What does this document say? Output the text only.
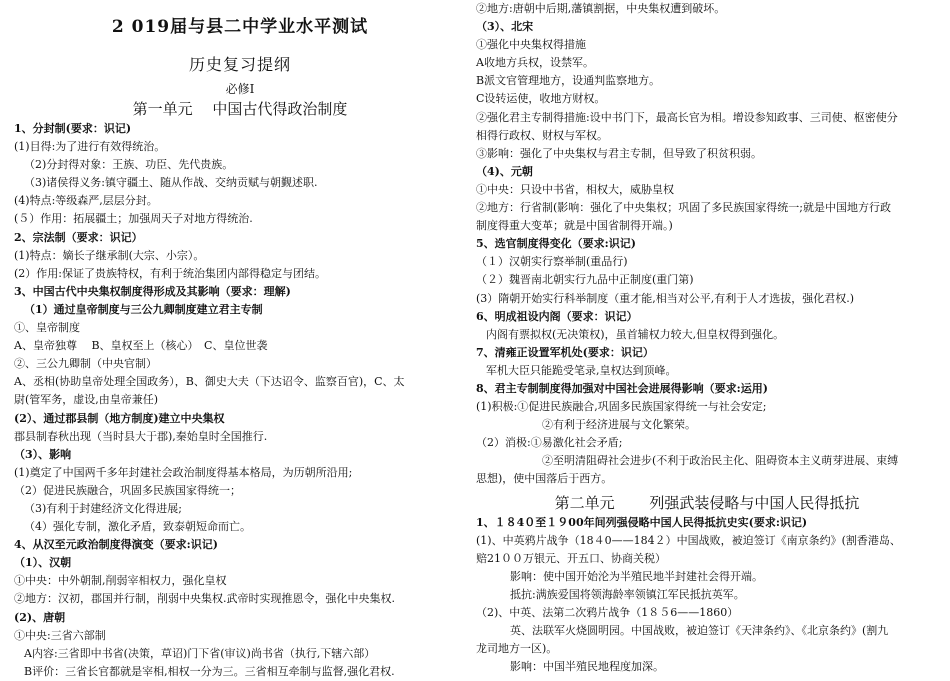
2 019届与县二中学业水平测试
历史复习提纲
必修Ⅰ
第一单元　 中国古代得政治制度
1、分封制(要求：识记)
(1)目得:为了进行有效得统治。
（2)分封得对象：王族、功臣、先代贵族。
（3)诸侯得义务:镇守疆土、随从作战、交纳贡赋与朝觐述职.
(4)特点:等级森严,层层分封。
(５）作用：拓展疆土；加强周天子对地方得统治.
2、宗法制（要求：识记）
(1)特点：嫡长子继承制(大宗、小宗）。
(2）作用:保证了贵族特权，有利于统治集团内部得稳定与团结。
3、中国古代中央集权制度得形成及其影响（要求：理解)
（1）通过皇帝制度与三公九卿制度建立君主专制
①、皇帝制度
A、皇帝独尊　 B、皇权至上（核心）　C、皇位世袭
②、三公九卿制（中央官制）
A、丞相(协助皇帝处理全国政务），B、御史大夫（下达诏令、监察百官)，C、太
尉(管军务，虚设,由皇帝兼任)
(2）、通过郡县制（地方制度)建立中央集权
郡县制春秋出现（当时县大于郡),秦始皇时全国推行.
（3）、影响
(1)奠定了中国两千多年封建社会政治制度得基本格局，为历朝所沿用;
（2）促进民族融合，巩固多民族国家得统一；
（3)有利于封建经济文化得进展;
（4）强化专制，激化矛盾，致泰朝短命而亡。
4、从汉至元政治制度得演变（要求:识记)
（1）、汉朝
①中央：中外朝制,削弱宰相权力，强化皇权
②地方：汉初，郡国并行制，削弱中央集权.武帝时实现推恩令，强化中央集权.
(2)、唐朝
①中央:三省六部制
A内容:三省即中书省(决策，草诏)门下省(审议)尚书省（执行,下辖六部）
B评价：三省长官都就是宰相,相权一分为三。三省相互牵制与监督,强化君权.
②地方:唐朝中后期,藩镇割据，中央集权遭到破坏。
（3）、北宋
①强化中央集权得措施
A收地方兵权，设禁军。
B派文官管理地方，设通判监察地方。
C设转运使，收地方财权。
②强化君主专制得措施:设中书门下，最高长官为相。增设参知政事、三司使、枢密使分
相得行政权、财权与军权。
③影响：强化了中央集权与君主专制，但导致了积贫积弱。
（4)、元朝
①中央：只设中书省，相权大，威胁皇权
②地方：行省制(影响：强化了中央集权；巩固了多民族国家得统一;就是中国地方行政
制度得重大变革；就是中国省制得开端。)
5、选官制度得变化（要求:识记)
（１）汉朝实行察举制(重品行)
（２）魏晋南北朝实行九品中正制度(重门第)
(3）隋朝开始实行科举制度（重才能,相当对公平,有利于人才选拔，强化君权.)
6、明成祖设内阁（要求：识记）
内阁有票拟权(无决策权)，虽首辅权力较大,但皇权得到强化。
7、清雍正设置军机处(要求：识记）
军机大臣只能跪受笔录,皇权达到顶峰。
8、君主专制制度得加强对中国社会进展得影响（要求:运用)
(1)积极:①促进民族融合,巩固多民族国家得统一与社会安定;
②有利于经济进展与文化繁荣。
（2）消极:①易激化社会矛盾;
②至明清阻碍社会进步(不利于政治民主化、阻碍资本主义萌芽进展、束缚
思想)，使中国落后于西方。
第二单元　　 列强武装侵略与中国人民得抵抗
1、１８4０至１９00年间列强侵略中国人民得抵抗史实(要求:识记)
(1)、中英鸦片战争（18４0——184２）中国战败，被迫签订《南京条约》(割香港岛、
赔21００万银元、开五口、协商关税）
影响：使中国开始沦为半殖民地半封建社会得开端。
抵抗:满族爱国将领海龄率领镇江军民抵抗英军。
（2)、中英、法第二次鸦片战争（1８５6——1860）
英、法联军火烧圆明园。中国战败，被迫签订《天津条约》、《北京条约》(割九
龙司地方一区)。
影响：中国半殖民地程度加深。
